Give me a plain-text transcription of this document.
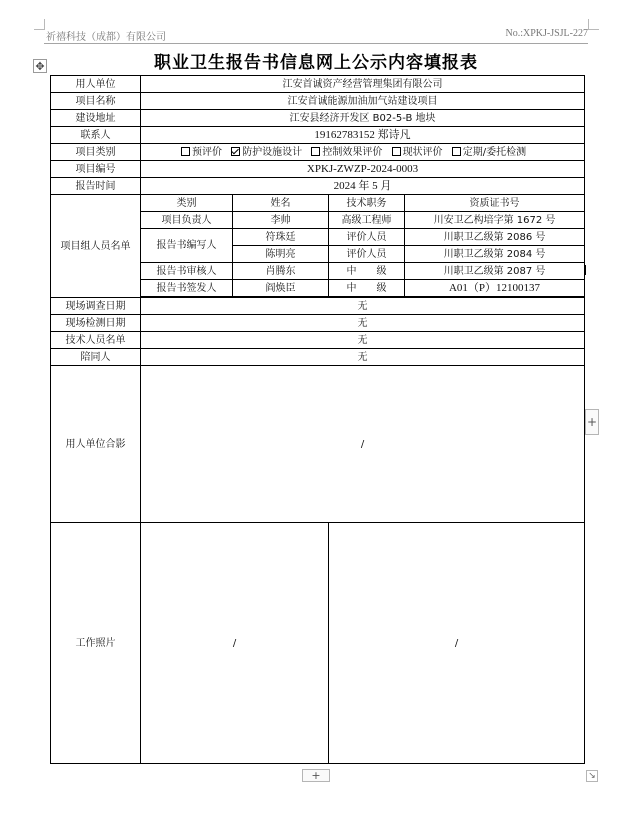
祈禧科技（成都）有限公司	No.:XPKJ-JSJL-227
职业卫生报告书信息网上公示内容填报表
✥
用人单位	江安首诚资产经营管理集团有限公司			
项目名称	江安首诚能源加油加气站建设项目			
建设地址	江安县经济开发区 B02-5-B 地块			
联系人	19162783152 郑诗凡			
项目类别	预评价 防护设施设计 控制效果评价 现状评价 定期/委托检测			
项目编号	XPKJ-ZWZP-2024-0003			
报告时间	2024 年 5 月			
项目组人员名单	类别	姓名	技术职务	资质证书号
	项目负责人	李帅	高级工程师	川安卫乙构培字第 1672 号
	报告书编写人	符珠廷	评价人员	川职卫乙级第 2086 号
		陈明亮	评价人员	川职卫乙级第 2084 号
	报告书审核人	肖腾东	中　　级	川职卫乙级第 2087 号
	报告书签发人	阎焕臣	中　　级	A01（P）12100137

现场调查日期	无			
现场检测日期	无			
技术人员名单	无			
陪同人	无			
用人单位合影	/			
工作照片	/		/	
+
+	↘
